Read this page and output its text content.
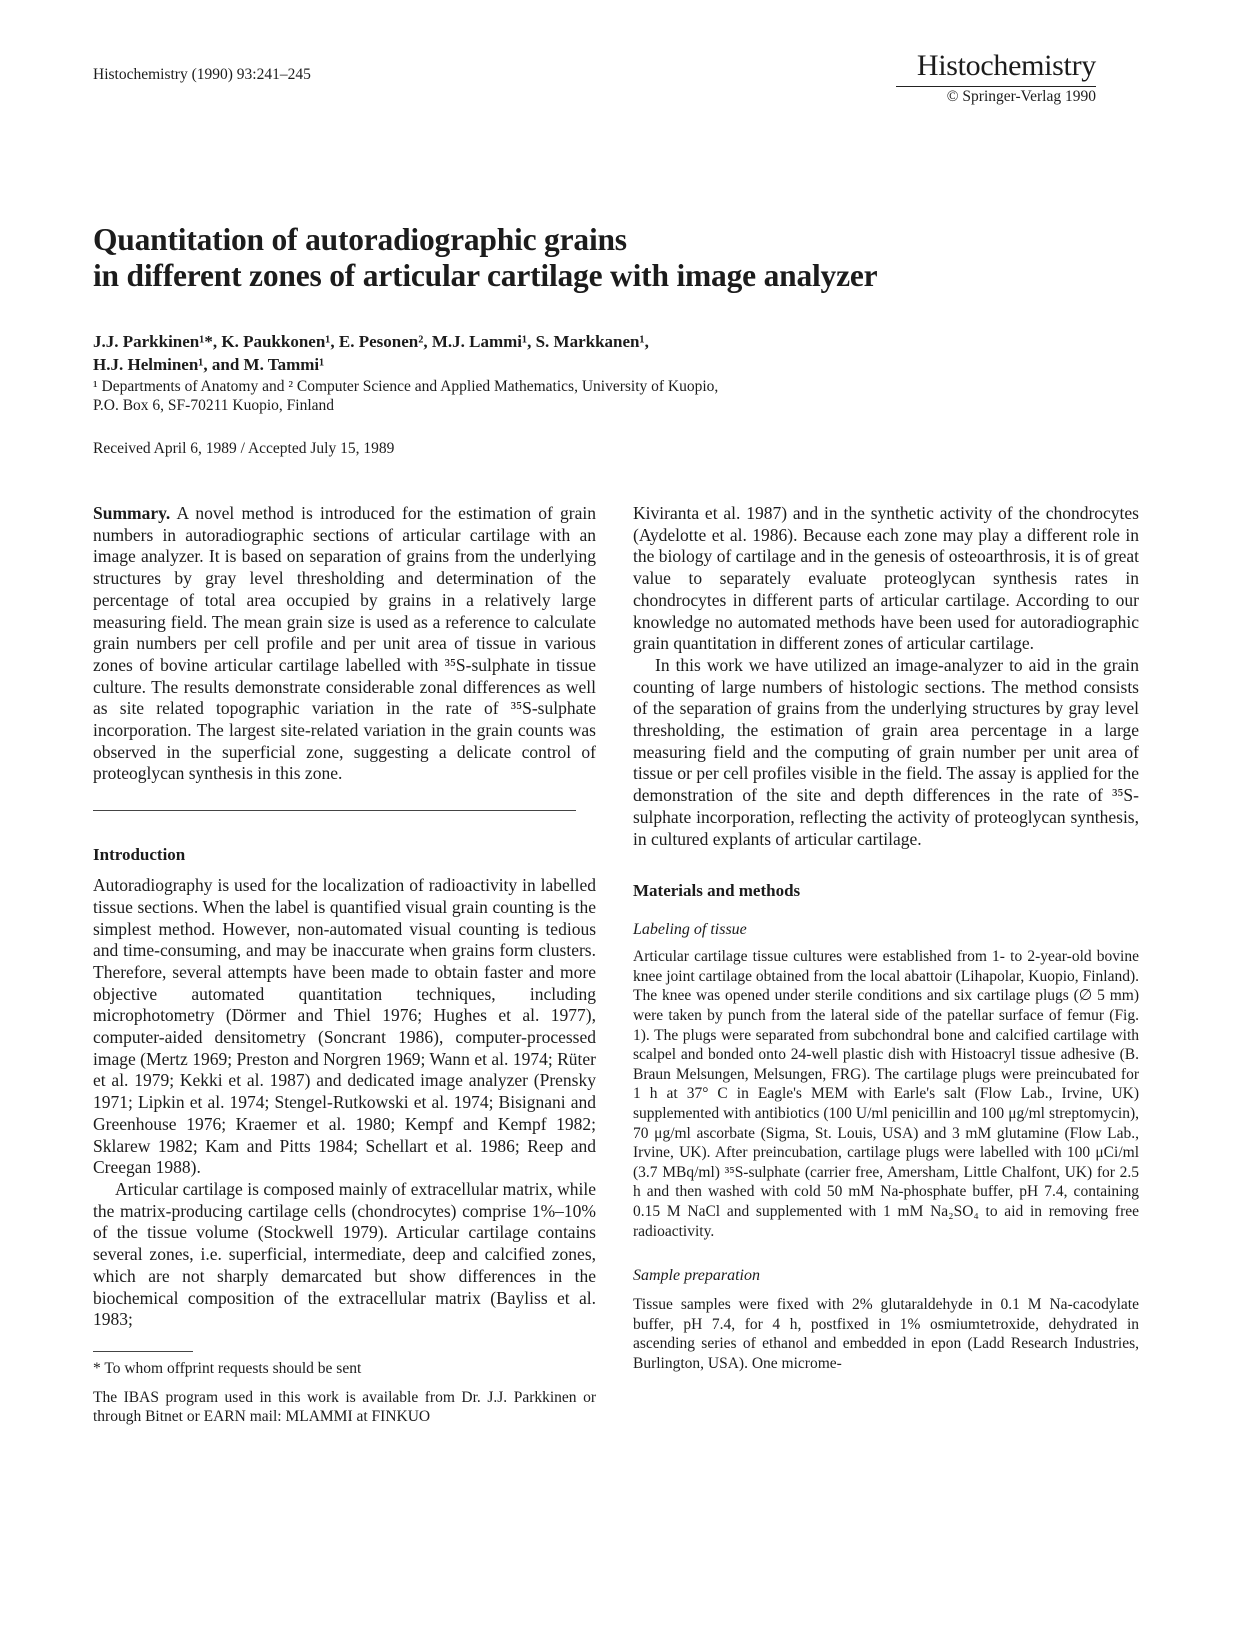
Histochemistry (1990) 93:241–245	Histochemistry
© Springer-Verlag 1990
Quantitation of autoradiographic grains
in different zones of articular cartilage with image analyzer
J.J. Parkkinen¹*, K. Paukkonen¹, E. Pesonen², M.J. Lammi¹, S. Markkanen¹,
H.J. Helminen¹, and M. Tammi¹
¹ Departments of Anatomy and ² Computer Science and Applied Mathematics, University of Kuopio,
P.O. Box 6, SF-70211 Kuopio, Finland
Received April 6, 1989 / Accepted July 15, 1989

Summary. A novel method is introduced for the estimation of grain numbers in autoradiographic sections of articular cartilage with an image analyzer. It is based on separation of grains from the underlying structures by gray level thresholding and determination of the percentage of total area occupied by grains in a relatively large measuring field. The mean grain size is used as a reference to calculate grain numbers per cell profile and per unit area of tissue in various zones of bovine articular cartilage labelled with ³⁵S-sulphate in tissue culture. The results demonstrate considerable zonal differences as well as site related topographic variation in the rate of ³⁵S-sulphate incorporation. The largest site-related variation in the grain counts was observed in the superficial zone, suggesting a delicate control of proteoglycan synthesis in this zone.

Introduction

Autoradiography is used for the localization of radioactivity in labelled tissue sections. When the label is quantified visual grain counting is the simplest method. However, non-automated visual counting is tedious and time-consuming, and may be inaccurate when grains form clusters. Therefore, several attempts have been made to obtain faster and more objective automated quantitation techniques, including microphotometry (Dörmer and Thiel 1976; Hughes et al. 1977), computer-aided densitometry (Soncrant 1986), computer-processed image (Mertz 1969; Preston and Norgren 1969; Wann et al. 1974; Rüter et al. 1979; Kekki et al. 1987) and dedicated image analyzer (Prensky 1971; Lipkin et al. 1974; Stengel-Rutkowski et al. 1974; Bisignani and Greenhouse 1976; Kraemer et al. 1980; Kempf and Kempf 1982; Sklarew 1982; Kam and Pitts 1984; Schellart et al. 1986; Reep and Creegan 1988).

Articular cartilage is composed mainly of extracellular matrix, while the matrix-producing cartilage cells (chondrocytes) comprise 1%–10% of the tissue volume (Stockwell 1979). Articular cartilage contains several zones, i.e. superficial, intermediate, deep and calcified zones, which are not sharply demarcated but show differences in the biochemical composition of the extracellular matrix (Bayliss et al. 1983;

* To whom offprint requests should be sent

The IBAS program used in this work is available from Dr. J.J. Parkkinen or through Bitnet or EARN mail: MLAMMI at FINKUO

Kiviranta et al. 1987) and in the synthetic activity of the chondrocytes (Aydelotte et al. 1986). Because each zone may play a different role in the biology of cartilage and in the genesis of osteoarthrosis, it is of great value to separately evaluate proteoglycan synthesis rates in chondrocytes in different parts of articular cartilage. According to our knowledge no automated methods have been used for autoradiographic grain quantitation in different zones of articular cartilage.

In this work we have utilized an image-analyzer to aid in the grain counting of large numbers of histologic sections. The method consists of the separation of grains from the underlying structures by gray level thresholding, the estimation of grain area percentage in a large measuring field and the computing of grain number per unit area of tissue or per cell profiles visible in the field. The assay is applied for the demonstration of the site and depth differences in the rate of ³⁵S-sulphate incorporation, reflecting the activity of proteoglycan synthesis, in cultured explants of articular cartilage.

Materials and methods
Labeling of tissue

Articular cartilage tissue cultures were established from 1- to 2-year-old bovine knee joint cartilage obtained from the local abattoir (Lihapolar, Kuopio, Finland). The knee was opened under sterile conditions and six cartilage plugs (∅ 5 mm) were taken by punch from the lateral side of the patellar surface of femur (Fig. 1). The plugs were separated from subchondral bone and calcified cartilage with scalpel and bonded onto 24-well plastic dish with Histoacryl tissue adhesive (B. Braun Melsungen, Melsungen, FRG). The cartilage plugs were preincubated for 1 h at 37° C in Eagle's MEM with Earle's salt (Flow Lab., Irvine, UK) supplemented with antibiotics (100 U/ml penicillin and 100 μg/ml streptomycin), 70 μg/ml ascorbate (Sigma, St. Louis, USA) and 3 mM glutamine (Flow Lab., Irvine, UK). After preincubation, cartilage plugs were labelled with 100 μCi/ml (3.7 MBq/ml) ³⁵S-sulphate (carrier free, Amersham, Little Chalfont, UK) for 2.5 h and then washed with cold 50 mM Na-phosphate buffer, pH 7.4, containing 0.15 M NaCl and supplemented with 1 mM Na₂SO₄ to aid in removing free radioactivity.

Sample preparation

Tissue samples were fixed with 2% glutaraldehyde in 0.1 M Na-cacodylate buffer, pH 7.4, for 4 h, postfixed in 1% osmiumtetroxide, dehydrated in ascending series of ethanol and embedded in epon (Ladd Research Industries, Burlington, USA). One microme-
